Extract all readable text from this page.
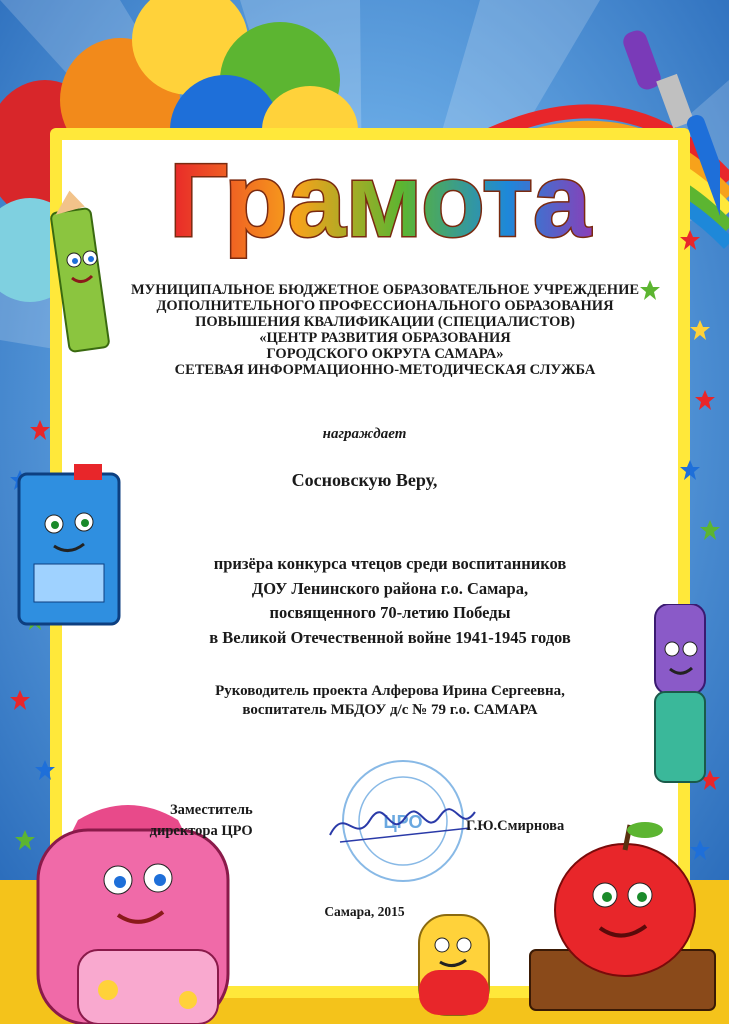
Грамота
МУНИЦИПАЛЬНОЕ БЮДЖЕТНОЕ ОБРАЗОВАТЕЛЬНОЕ УЧРЕЖДЕНИЕ
ДОПОЛНИТЕЛЬНОГО ПРОФЕССИОНАЛЬНОГО ОБРАЗОВАНИЯ
ПОВЫШЕНИЯ КВАЛИФИКАЦИИ (СПЕЦИАЛИСТОВ)
«ЦЕНТР РАЗВИТИЯ ОБРАЗОВАНИЯ
ГОРОДСКОГО ОКРУГА САМАРА»
СЕТЕВАЯ ИНФОРМАЦИОННО-МЕТОДИЧЕСКАЯ СЛУЖБА
награждает
Сосновскую Веру,
призёра конкурса чтецов среди воспитанников
ДОУ Ленинского района г.о. Самара,
посвященного 70-летию Победы
в Великой Отечественной войне 1941-1945 годов
Руководитель проекта Алферова Ирина Сергеевна,
воспитатель МБДОУ д/с № 79 г.о. САМАРА
ЦРО
Заместитель
директора ЦРО	Г.Ю.Смирнова
Самара, 2015
